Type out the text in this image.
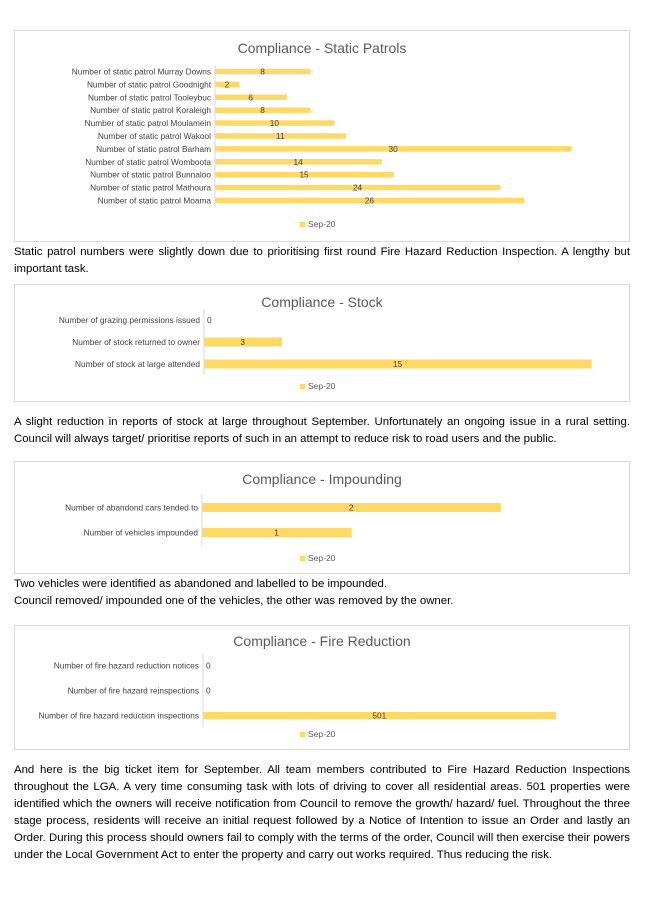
Compliance - Static Patrols
Number of static patrol Murray Downs	8
Number of static patrol Goodnight 2
Number of static patrol Tooleybuc	6
Number of static patrol Koraleigh	8
Number of static patrol Moulamein	10
Number of static patrol Wakool	11
Number of static patrol Barham	30
Number of static patrol Womboota	14
Number of static patrol Bunnaloo	15
Number of static patrol Mathoura	24
Number of static patrol Moama	26
Sep-20

Static patrol numbers were slightly down due to prioritising first round Fire Hazard Reduction Inspection. A lengthy but important task.

Compliance - Stock
Number of grazing permissions issued 0
Number of stock returned to owner	3
Number of stock at large attended	15
Sep-20

A slight reduction in reports of stock at large throughout September. Unfortunately an ongoing issue in a rural setting. Council will always target/ prioritise reports of such in an attempt to reduce risk to road users and the public.

Compliance - Impounding
Number of abandond cars tended to	2
Number of vehicles impounded	1
Sep-20

Two vehicles were identified as abandoned and labelled to be impounded.

Council removed/ impounded one of the vehicles, the other was removed by the owner.

Compliance - Fire Reduction
Number of fire hazard reduction notices 0
Number of fire hazard reinspections 0
Number of fire hazard reduction inspections	501
Sep-20

And here is the big ticket item for September. All team members contributed to Fire Hazard Reduction Inspections throughout the LGA. A very time consuming task with lots of driving to cover all residential areas. 501 properties were identified which the owners will receive notification from Council to remove the growth/ hazard/ fuel. Throughout the three stage process, residents will receive an initial request followed by a Notice of Intention to issue an Order and lastly an Order. During this process should owners fail to comply with the terms of the order, Council will then exercise their powers under the Local Government Act to enter the property and carry out works required. Thus reducing the risk.
